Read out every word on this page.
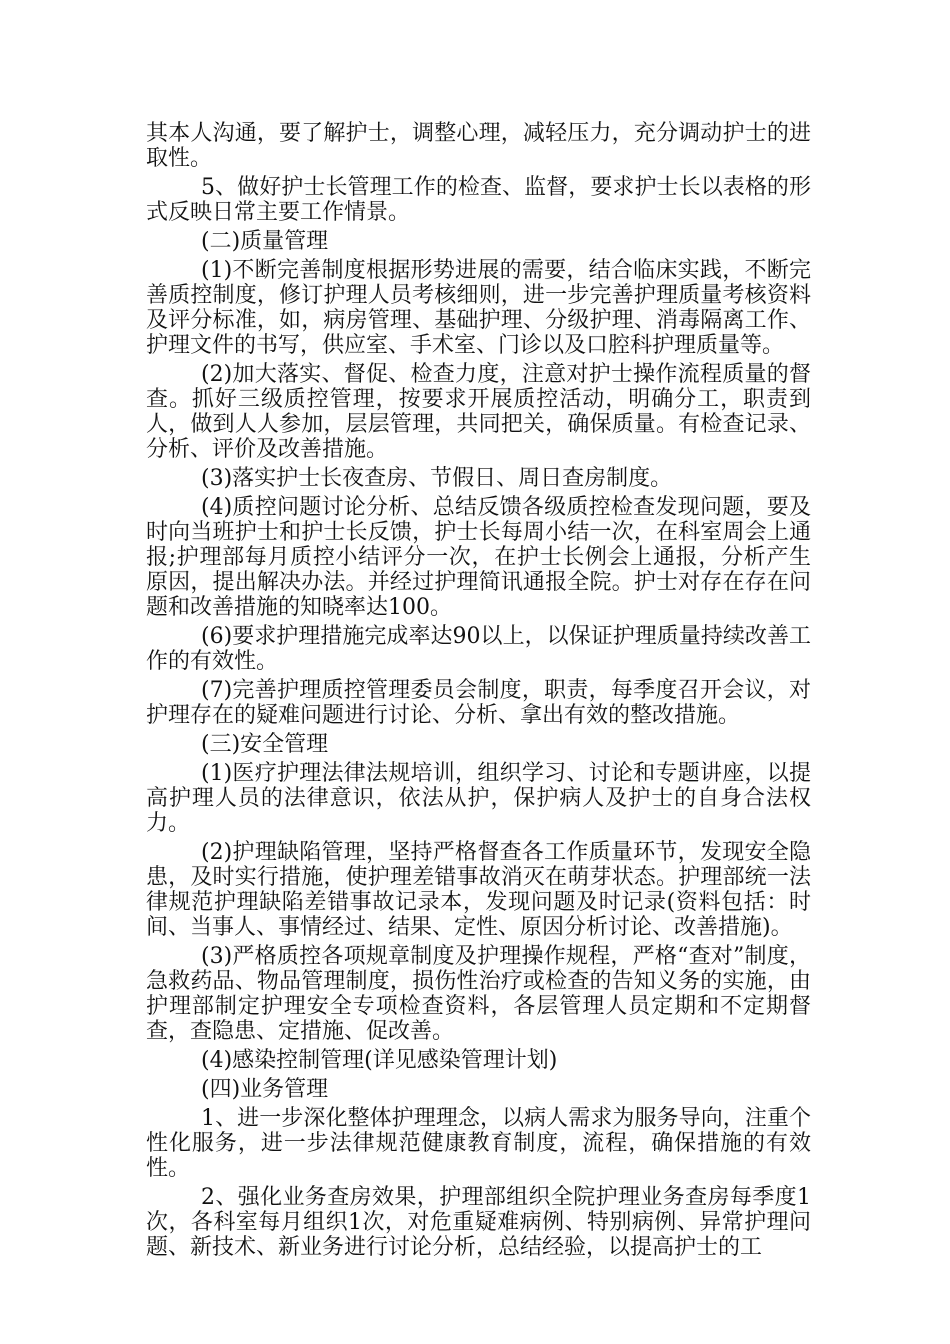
其本人沟通，要了解护士，调整心理，减轻压力，充分调动护士的进取性。

5、做好护士长管理工作的检查、监督，要求护士长以表格的形式反映日常主要工作情景。

(二)质量管理

(1)不断完善制度根据形势进展的需要，结合临床实践，不断完善质控制度，修订护理人员考核细则，进一步完善护理质量考核资料及评分标准，如，病房管理、基础护理、分级护理、消毒隔离工作、护理文件的书写，供应室、手术室、门诊以及口腔科护理质量等。

(2)加大落实、督促、检查力度，注意对护士操作流程质量的督查。抓好三级质控管理，按要求开展质控活动，明确分工，职责到人，做到人人参加，层层管理，共同把关，确保质量。有检查记录、分析、评价及改善措施。

(3)落实护士长夜查房、节假日、周日查房制度。

(4)质控问题讨论分析、总结反馈各级质控检查发现问题，要及时向当班护士和护士长反馈，护士长每周小结一次，在科室周会上通报;护理部每月质控小结评分一次，在护士长例会上通报，分析产生原因，提出解决办法。并经过护理简讯通报全院。护士对存在存在问题和改善措施的知晓率达100。

(6)要求护理措施完成率达90以上，以保证护理质量持续改善工作的有效性。

(7)完善护理质控管理委员会制度，职责，每季度召开会议，对护理存在的疑难问题进行讨论、分析、拿出有效的整改措施。

(三)安全管理

(1)医疗护理法律法规培训，组织学习、讨论和专题讲座，以提高护理人员的法律意识，依法从护，保护病人及护士的自身合法权力。

(2)护理缺陷管理，坚持严格督查各工作质量环节，发现安全隐患，及时实行措施，使护理差错事故消灭在萌芽状态。护理部统一法律规范护理缺陷差错事故记录本，发现问题及时记录(资料包括：时间、当事人、事情经过、结果、定性、原因分析讨论、改善措施)。

(3)严格质控各项规章制度及护理操作规程，严格“查对”制度，急救药品、物品管理制度，损伤性治疗或检查的告知义务的实施，由护理部制定护理安全专项检查资料，各层管理人员定期和不定期督查，查隐患、定措施、促改善。

(4)感染控制管理(详见感染管理计划)

(四)业务管理

1、进一步深化整体护理理念，以病人需求为服务导向，注重个性化服务，进一步法律规范健康教育制度，流程，确保措施的有效性。

2、强化业务查房效果，护理部组织全院护理业务查房每季度1次，各科室每月组织1次，对危重疑难病例、特别病例、异常护理问题、新技术、新业务进行讨论分析，总结经验，以提高护士的工
